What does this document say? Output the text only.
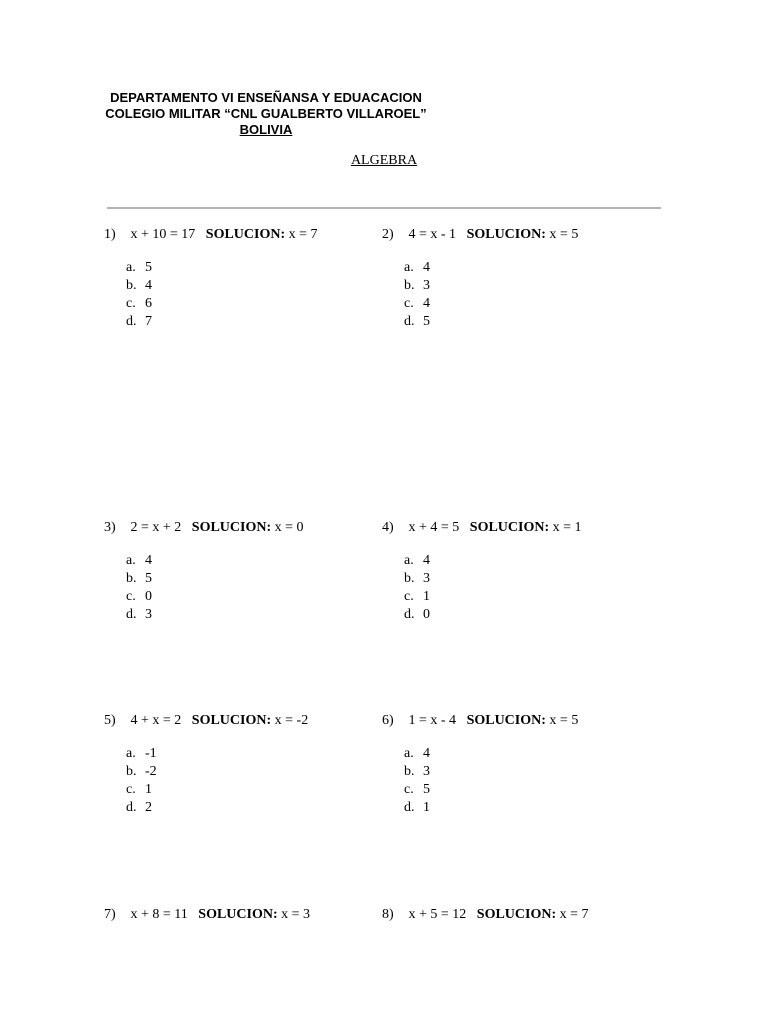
DEPARTAMENTO VI ENSEÑANSA Y EDUACACION
COLEGIO MILITAR “CNL GUALBERTO VILLAROEL”
BOLIVIA
ALGEBRA
1) x + 10 = 17 SOLUCION: x = 7
a. 5
b. 4
c. 6
d. 7
2) 4 = x - 1 SOLUCION: x = 5
a. 4
b. 3
c. 4
d. 5
3) 2 = x + 2 SOLUCION: x = 0
a. 4
b. 5
c. 0
d. 3
4) x + 4 = 5 SOLUCION: x = 1
a. 4
b. 3
c. 1
d. 0
5) 4 + x = 2 SOLUCION: x = -2
a. -1
b. -2
c. 1
d. 2
6) 1 = x - 4 SOLUCION: x = 5
a. 4
b. 3
c. 5
d. 1
7) x + 8 = 11 SOLUCION: x = 3	8) x + 5 = 12 SOLUCION: x = 7
